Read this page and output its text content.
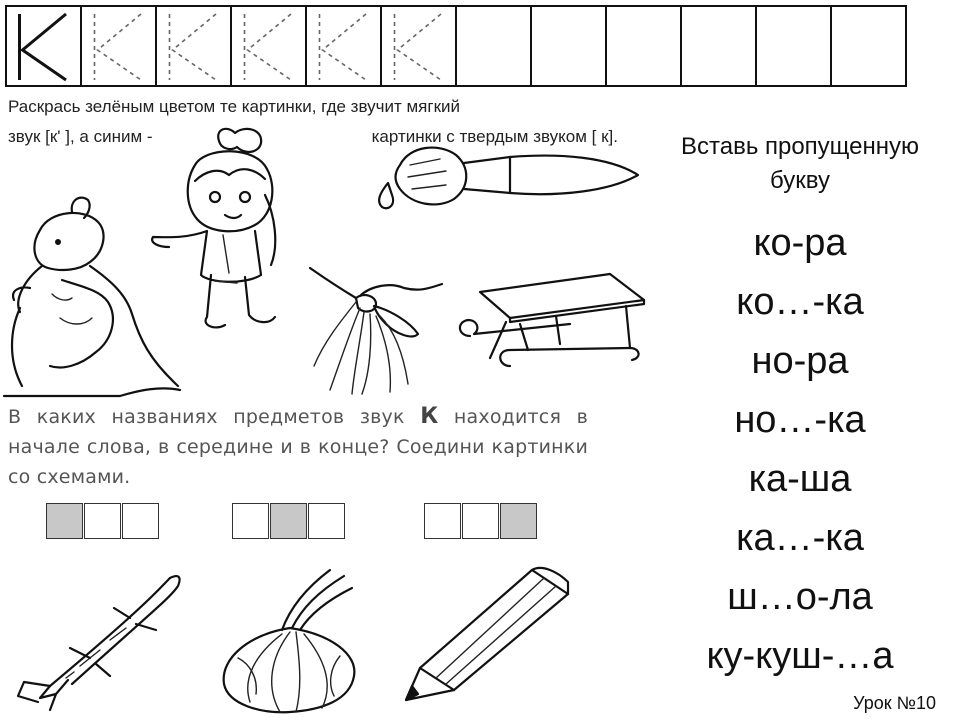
Раскрась зелёным цветом те картинки, где звучит мягкий
звук [к' ], а синим -	картинки с твердым звуком [ к].
В каких названиях предметов звук К находится в начале слова, в середине и в конце? Соедини картинки со схемами.
Вставь пропущенную букву
ко-ра
ко…-ка
но-ра
но…-ка
ка-ша
ка…-ка
ш…о-ла
ку-куш-…а
Урок №10
